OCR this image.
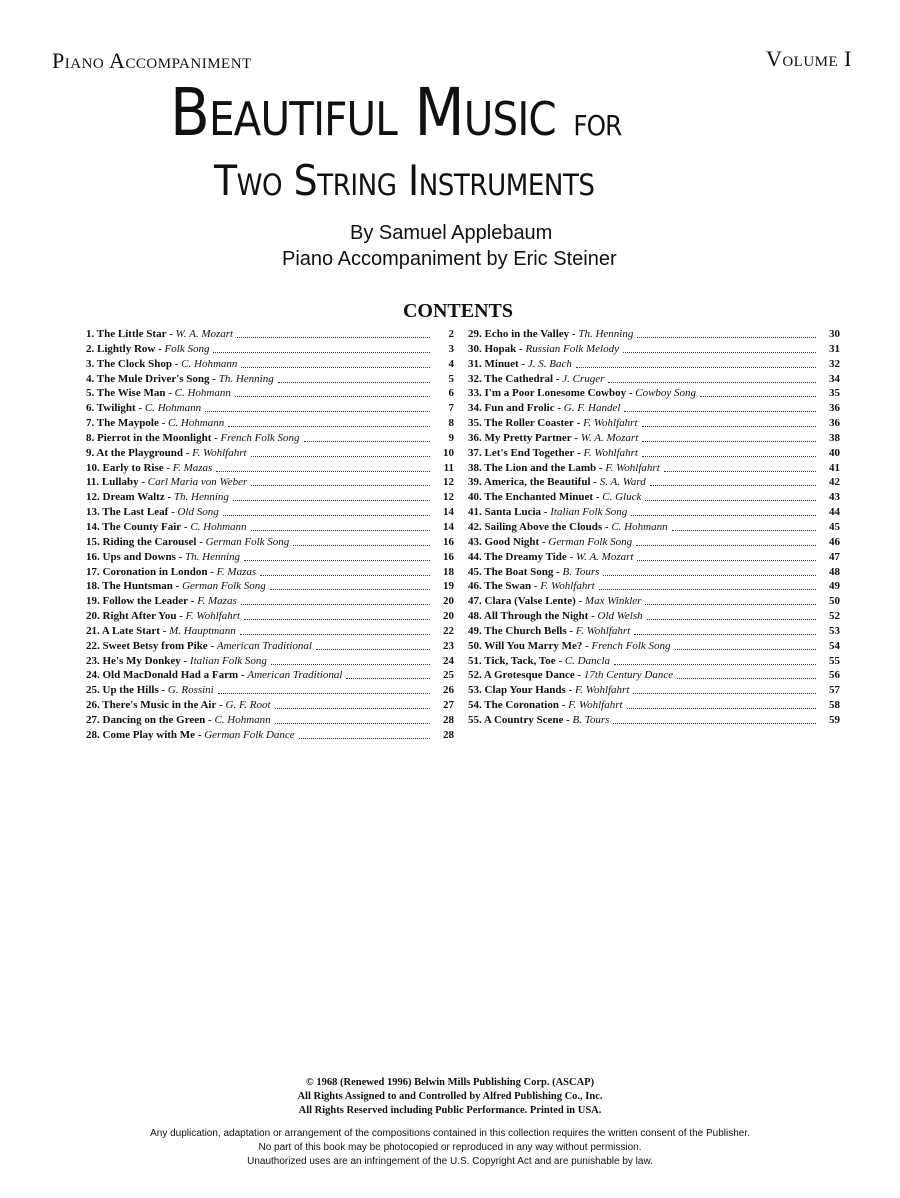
Piano Accompaniment	Volume I
Beautiful Music for
Two String Instruments
By Samuel Applebaum
Piano Accompaniment by Eric Steiner
CONTENTS
1. The Little Star - W. A. Mozart	2
2. Lightly Row - Folk Song	3
3. The Clock Shop - C. Hohmann	4
4. The Mule Driver's Song - Th. Henning	5
5. The Wise Man - C. Hohmann	6
6. Twilight - C. Hohmann	7
7. The Maypole - C. Hohmann	8
8. Pierrot in the Moonlight - French Folk Song	9
9. At the Playground - F. Wohlfahrt	10
10. Early to Rise - F. Mazas	11
11. Lullaby - Carl Maria von Weber	12
12. Dream Waltz - Th. Henning	12
13. The Last Leaf - Old Song	14
14. The County Fair - C. Hohmann	14
15. Riding the Carousel - German Folk Song	16
16. Ups and Downs - Th. Henning	16
17. Coronation in London - F. Mazas	18
18. The Huntsman - German Folk Song	19
19. Follow the Leader - F. Mazas	20
20. Right After You - F. Wohlfahrt	20
21. A Late Start - M. Hauptmann	22
22. Sweet Betsy from Pike - American Traditional	23
23. He's My Donkey - Italian Folk Song	24
24. Old MacDonald Had a Farm - American Traditional	25
25. Up the Hills - G. Rossini	26
26. There's Music in the Air - G. F. Root	27
27. Dancing on the Green - C. Hohmann	28
28. Come Play with Me - German Folk Dance	28
29. Echo in the Valley - Th. Henning	30
30. Hopak - Russian Folk Melody	31
31. Minuet - J. S. Bach	32
32. The Cathedral - J. Cruger	34
33. I'm a Poor Lonesome Cowboy - Cowboy Song	35
34. Fun and Frolic - G. F. Handel	36
35. The Roller Coaster - F. Wohlfahrt	36
36. My Pretty Partner - W. A. Mozart	38
37. Let's End Together - F. Wohlfahrt	40
38. The Lion and the Lamb - F. Wohlfahrt	41
39. America, the Beautiful - S. A. Ward	42
40. The Enchanted Minuet - C. Gluck	43
41. Santa Lucia - Italian Folk Song	44
42. Sailing Above the Clouds - C. Hohmann	45
43. Good Night - German Folk Song	46
44. The Dreamy Tide - W. A. Mozart	47
45. The Boat Song - B. Tours	48
46. The Swan - F. Wohlfahrt	49
47. Clara (Valse Lente) - Max Winkler	50
48. All Through the Night - Old Welsh	52
49. The Church Bells - F. Wohlfahrt	53
50. Will You Marry Me? - French Folk Song	54
51. Tick, Tack, Toe - C. Dancla	55
52. A Grotesque Dance - 17th Century Dance	56
53. Clap Your Hands - F. Wohlfahrt	57
54. The Coronation - F. Wohlfahrt	58
55. A Country Scene - B. Tours	59
© 1968 (Renewed 1996) Belwin Mills Publishing Corp. (ASCAP)
All Rights Assigned to and Controlled by Alfred Publishing Co., Inc.
All Rights Reserved including Public Performance. Printed in USA.
Any duplication, adaptation or arrangement of the compositions contained in this collection requires the written consent of the Publisher.
No part of this book may be photocopied or reproduced in any way without permission.
Unauthorized uses are an infringement of the U.S. Copyright Act and are punishable by law.
